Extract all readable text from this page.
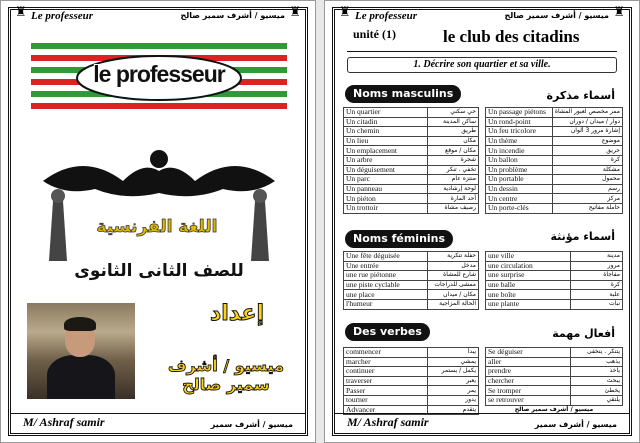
♜	♜
Le professeur	ميسيو / أشرف سمير صالح
le professeur
اللغة الفرنسية
للصف الثانى الثانوى
إعداد
ميسيو / أشرف سمير صالح
M/ Ashraf samir	ميسيو / أشرف سمير
♜	♜
Le professeur	ميسيو / أشرف سمير صالح
unité (1)	le club des citadins
1. Décrire son quartier et sa ville.
Noms masculins	أسماء مذكرة
Un quartier	حي سكني
Un citadin	ساكن المدينة
Un chemin	طريق
Un lieu	مكان
Un emplacement	مكان / موقع
Un arbre	شجرة
Un déguisement	تخفي . تنكر
Un parc	منتزه عام
Un panneau	لوحة إرشادية
Un piéton	أحد المارة
Un trottoir	رصيف مشاة
Un passage piétons	ممر مخصص لعبور المشاة
Un rond-point	دوار / ميدان / دوران
Un feu tricolore	إشارة مرور 3 ألوان
Un thème	موضوع
Un incendie	حريق
Un ballon	كرة
Un problème	مشكلة
Un portable	محمول
Un dessin	رسم
Un centre	مركز
Un porte-clés	حاملة مفاتيح
Noms féminins	أسماء مؤنثة
Une fête déguisée	حفلة تنكرية
Une entrée	مدخل
une rue piétonne	شارع للمشاة
une piste cyclable	ممشى للدراجات
une place	مكان / ميدان
l'humeur	الحالة المزاجية
une ville	مدينة
une circulation	مرور
une surprise	مفاجأة
une balle	كرة
une boîte	علبة
une plante	نبات
Des verbes	أفعال مهمة
commencer	يبدأ
marcher	يمشي
continuer	يكمل / يستمر
traverser	يعبر
Passer	يمر
tourner	يدور
Advancer	يتقدم
Se déguiser	يتنكر . يتخفى
aller	يذهب
prendre	يأخذ
chercher	يبحث
Se tromper	يخطئ
se retrouver	يلتقي
ميسيو / أشرف سمير صالح
M/ Ashraf samir	ميسيو / أشرف سمير
